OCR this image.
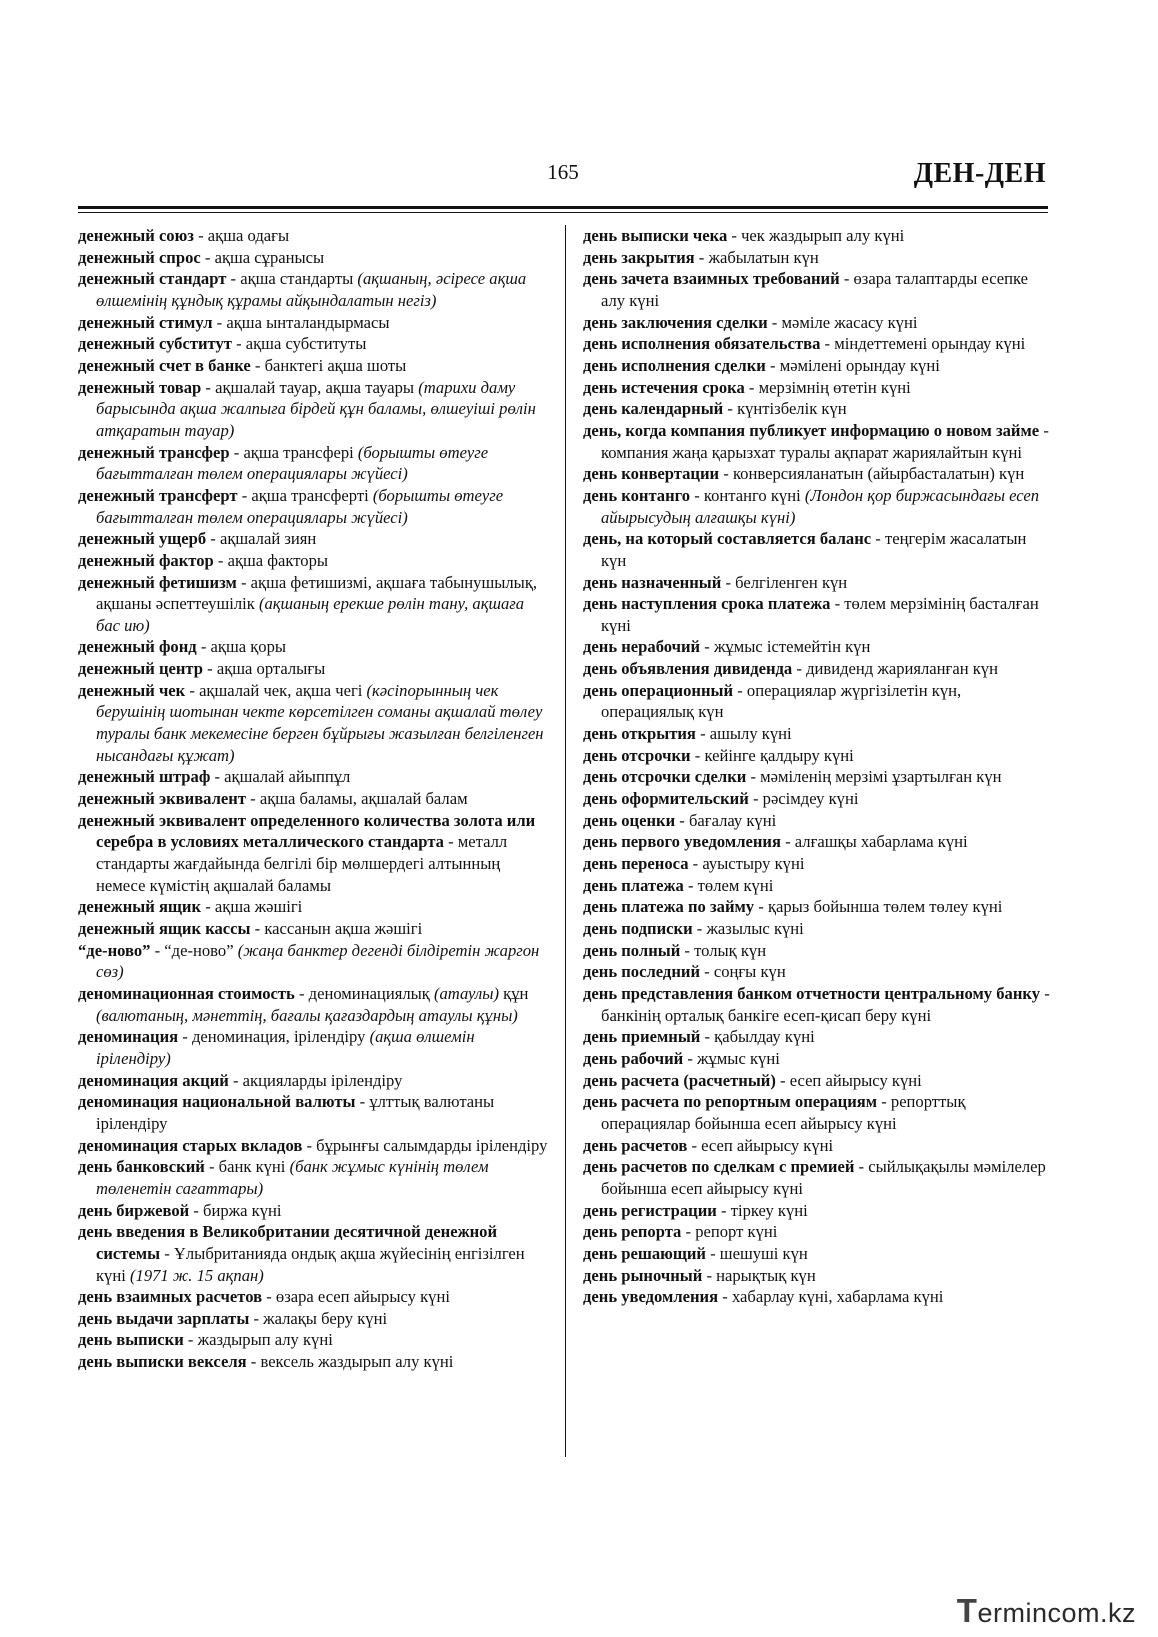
165	ДЕН-ДЕН

денежный союз - ақша одағы

денежный спрос - ақша сұранысы

денежный стандарт - ақша стандарты (ақшаның, әсіресе ақша өлшемінің құндық құрамы айқындалатын негіз)

денежный стимул - ақша ынталандырмасы

денежный субститут - ақша субституты

денежный счет в банке - банктегі ақша шоты

денежный товар - ақшалай тауар, ақша тауары (тарихи даму барысында ақша жалпыға бірдей құн баламы, өлшеуіші рөлін атқаратын тауар)

денежный трансфер - ақша трансфері (борышты өтеуге бағытталған төлем операциялары жүйесі)

денежный трансферт - ақша трансферті (борышты өтеуге бағытталған төлем операциялары жүйесі)

денежный ущерб - ақшалай зиян

денежный фактор - ақша факторы

денежный фетишизм - ақша фетишизмі, ақшаға табынушылық, ақшаны әспеттеушілік (ақшаның ерекше рөлін тану, ақшаға бас ию)

денежный фонд - ақша қоры

денежный центр - ақша орталығы

денежный чек - ақшалай чек, ақша чегі (кәсіпорынның чек берушінің шотынан чекте көрсетілген соманы ақшалай төлеу туралы банк мекемесіне берген бұйрығы жазылған белгіленген нысандағы құжат)

денежный штраф - ақшалай айыппұл

денежный эквивалент - ақша баламы, ақшалай балам

денежный эквивалент определенного количества золота или серебра в условиях металлического стандарта - металл стандарты жағдайында белгілі бір мөлшердегі алтынның немесе күмістің ақшалай баламы

денежный ящик - ақша жәшігі

денежный ящик кассы - кассанын ақша жәшігі

“де-ново” - “де-ново” (жаңа банктер дегенді білдіретін жаргон сөз)

деноминационная стоимость - деноминациялық (атаулы) құн (валютаның, мәнеттің, бағалы қағаздардың атаулы құны)

деноминация - деноминация, ірілендіру (ақша өлшемін ірілендіру)

деноминация акций - акцияларды ірілендіру

деноминация национальной валюты - ұлттық валютаны ірілендіру

деноминация старых вкладов - бұрынғы салымдарды ірілендіру

день банковский - банк күні (банк жұмыс күнінің төлем төленетін сағаттары)

день биржевой - биржа күні

день введения в Великобритании десятичной денежной системы - Ұлыбританияда ондық ақша жүйесінің енгізілген күні (1971 ж. 15 ақпан)

день взаимных расчетов - өзара есеп айырысу күні

день выдачи зарплаты - жалақы беру күні

день выписки - жаздырып алу күні

день выписки векселя - вексель жаздырып алу күні

день выписки чека - чек жаздырып алу күні

день закрытия - жабылатын күн

день зачета взаимных требований - өзара талаптарды есепке алу күні

день заключения сделки - мәміле жасасу күні

день исполнения обязательства - міндеттемені орындау күні

день исполнения сделки - мәмілені орындау күні

день истечения срока - мерзімнің өтетін күні

день календарный - күнтізбелік күн

день, когда компания публикует информацию о новом займе - компания жаңа қарызхат туралы ақпарат жариялайтын күні

день конвертации - конверсияланатын (айырбасталатын) күн

день контанго - контанго күні (Лондон қор биржасындағы есеп айырысудың алғашқы күні)

день, на который составляется баланс - теңгерім жасалатын күн

день назначенный - белгіленген күн

день наступления срока платежа - төлем мерзімінің басталған күні

день нерабочий - жұмыс істемейтін күн

день объявления дивиденда - дивиденд жарияланған күн

день операционный - операциялар жүргізілетін күн, операциялық күн

день открытия - ашылу күні

день отсрочки - кейінге қалдыру күні

день отсрочки сделки - мәміленің мерзімі ұзартылған күн

день оформительский - рәсімдеу күні

день оценки - бағалау күні

день первого уведомления - алғашқы хабарлама күні

день переноса - ауыстыру күні

день платежа - төлем күні

день платежа по займу - қарыз бойынша төлем төлеу күні

день подписки - жазылыс күні

день полный - толық күн

день последний - соңғы күн

день представления банком отчетности центральному банку - банкінің орталық банкіге есеп-қисап беру күні

день приемный - қабылдау күні

день рабочий - жұмыс күні

день расчета (расчетный) - есеп айырысу күні

день расчета по репортным операциям - репорттық операциялар бойынша есеп айырысу күні

день расчетов - есеп айырысу күні

день расчетов по сделкам с премией - сыйлықақылы мәмілелер бойынша есеп айырысу күні

день регистрации - тіркеу күні

день репорта - репорт күні

день решающий - шешуші күн

день рыночный - нарықтық күн

день уведомления - хабарлау күні, хабарлама күні

Termincom.kz
